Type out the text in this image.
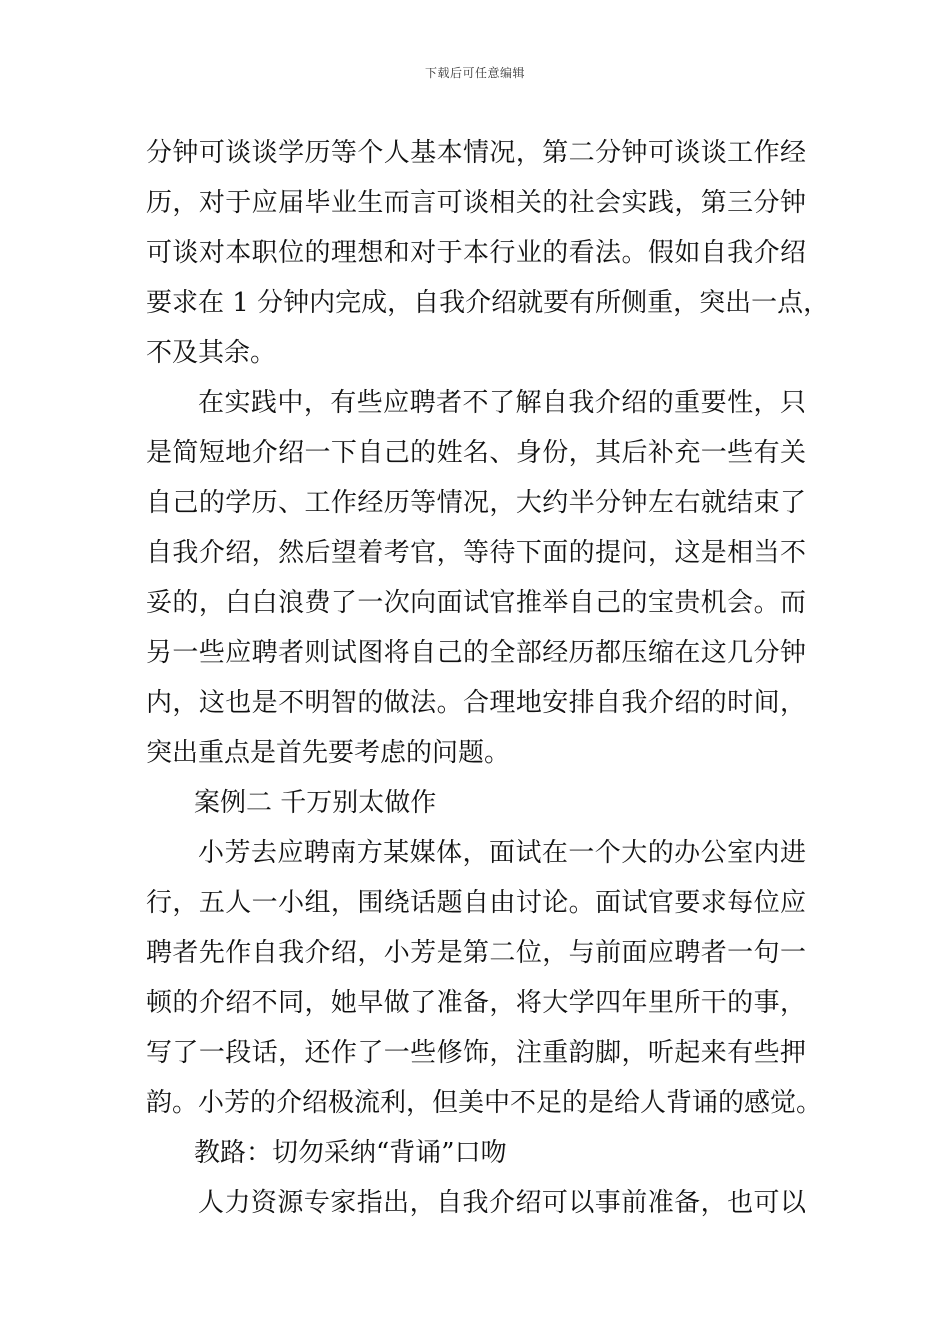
下载后可任意编辑
分钟可谈谈学历等个人基本情况，第二分钟可谈谈工作经
历，对于应届毕业生而言可谈相关的社会实践，第三分钟
可谈对本职位的理想和对于本行业的看法。假如自我介绍
要求在 1 分钟内完成，自我介绍就要有所侧重，突出一点，
不及其余。
在实践中，有些应聘者不了解自我介绍的重要性，只
是简短地介绍一下自己的姓名、身份，其后补充一些有关
自己的学历、工作经历等情况，大约半分钟左右就结束了
自我介绍，然后望着考官，等待下面的提问，这是相当不
妥的，白白浪费了一次向面试官推举自己的宝贵机会。而
另一些应聘者则试图将自己的全部经历都压缩在这几分钟
内，这也是不明智的做法。合理地安排自我介绍的时间，
突出重点是首先要考虑的问题。
案例二 千万别太做作
小芳去应聘南方某媒体，面试在一个大的办公室内进
行，五人一小组，围绕话题自由讨论。面试官要求每位应
聘者先作自我介绍，小芳是第二位，与前面应聘者一句一
顿的介绍不同，她早做了准备，将大学四年里所干的事，
写了一段话，还作了一些修饰，注重韵脚，听起来有些押
韵。小芳的介绍极流利，但美中不足的是给人背诵的感觉。
教路：切勿采纳“背诵”口吻
人力资源专家指出，自我介绍可以事前准备，也可以
